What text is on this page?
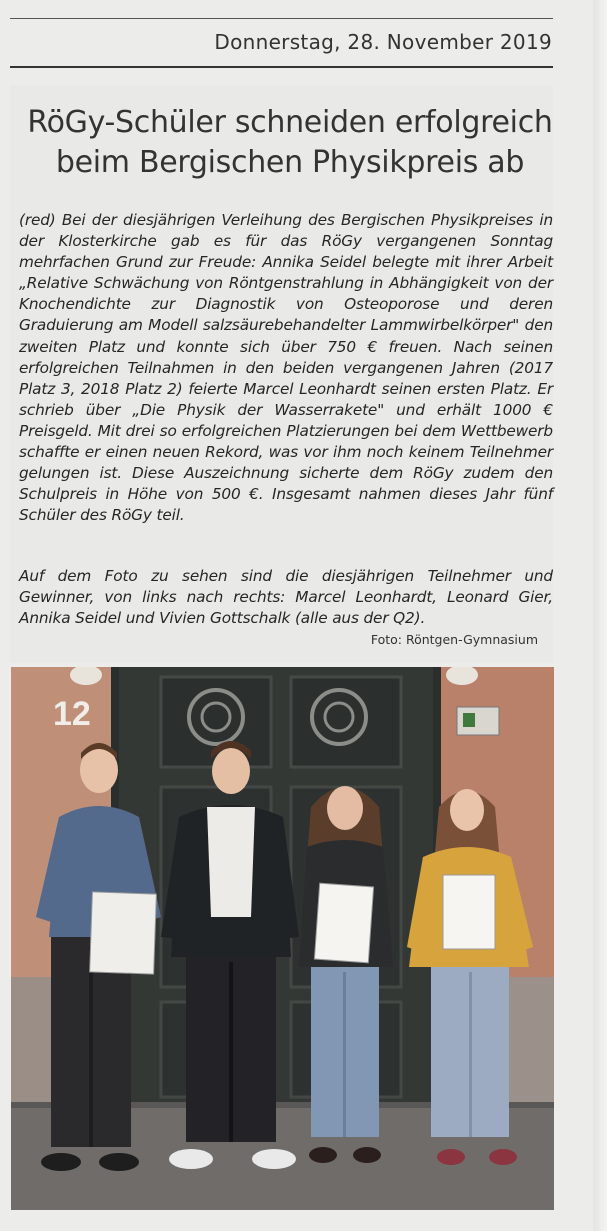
Donnerstag, 28. November 2019
RöGy-Schüler schneiden erfolgreich
beim Bergischen Physikpreis ab

(red) Bei der diesjährigen Verleihung des Bergischen Physikpreises in der Klosterkirche gab es für das RöGy vergangenen Sonntag mehrfachen Grund zur Freude: Annika Seidel belegte mit ihrer Arbeit „Relative Schwächung von Röntgenstrahlung in Abhängigkeit von der Knochendichte zur Diagnostik von Osteoporose und deren Graduierung am Modell salzsäurebehandelter Lammwirbelkörper" den zweiten Platz und konnte sich über 750 € freuen. Nach seinen erfolgreichen Teilnahmen in den beiden vergangenen Jahren (2017 Platz 3, 2018 Platz 2) feierte Marcel Leonhardt seinen ersten Platz. Er schrieb über „Die Physik der Wasserrakete" und erhält 1000 € Preisgeld. Mit drei so erfolgreichen Platzierungen bei dem Wettbewerb schaffte er einen neuen Rekord, was vor ihm noch keinem Teilnehmer gelungen ist. Diese Auszeichnung sicherte dem RöGy zudem den Schulpreis in Höhe von 500 €. Insgesamt nahmen dieses Jahr fünf Schüler des RöGy teil.

Auf dem Foto zu sehen sind die diesjährigen Teilnehmer und Gewinner, von links nach rechts: Marcel Leonhardt, Leonard Gier, Annika Seidel und Vivien Gottschalk (alle aus der Q2).
Foto: Röntgen-Gymnasium
12
